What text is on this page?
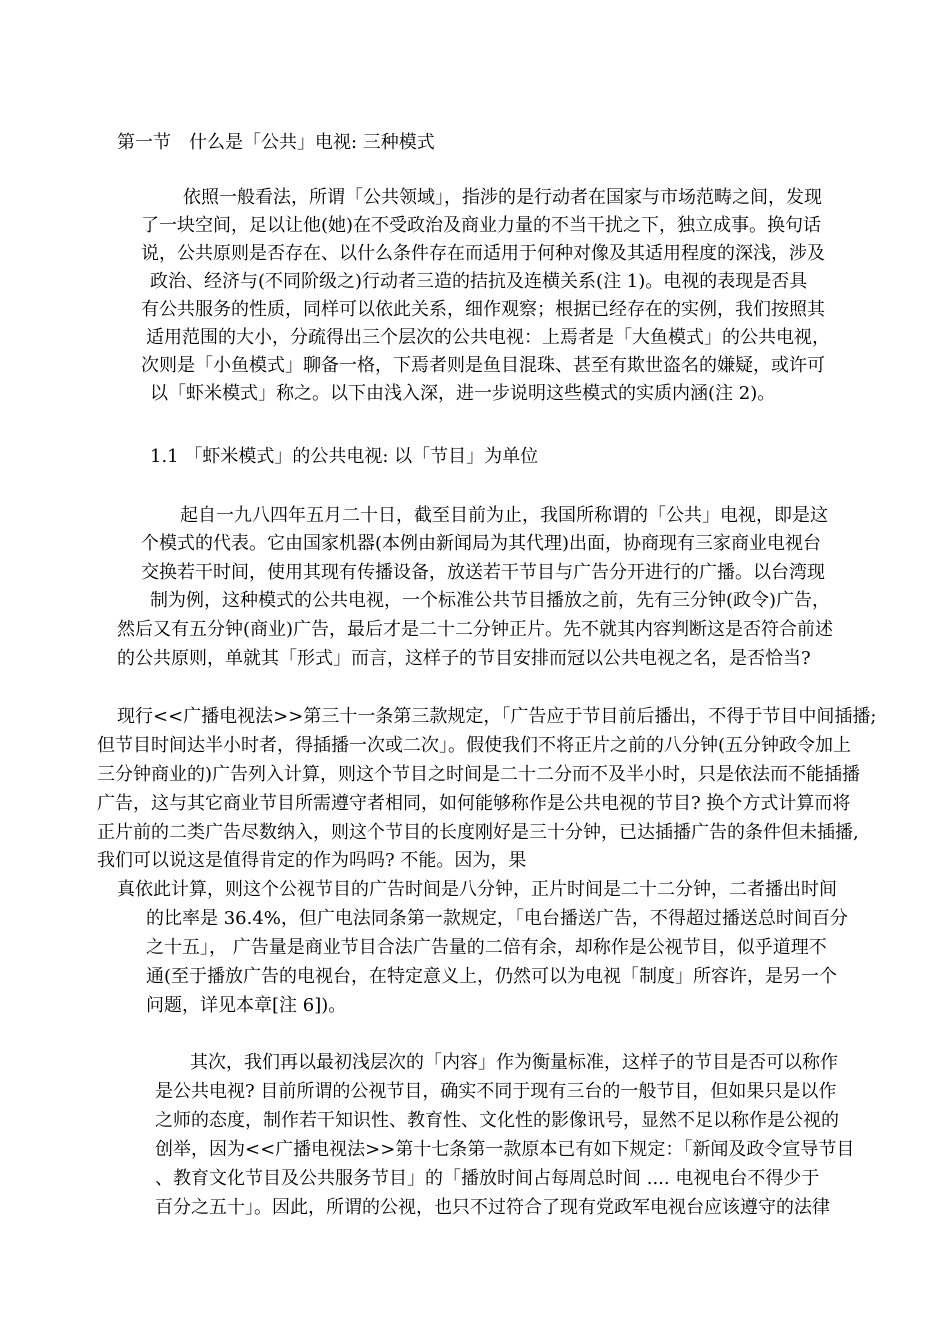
第一节　什么是「公共」电视: 三种模式
依照一般看法，所谓「公共领域」，指涉的是行动者在国家与市场范畴之间，发现
了一块空间，足以让他(她)在不受政治及商业力量的不当干扰之下，独立成事。换句话
说，公共原则是否存在、以什么条件存在而适用于何种对像及其适用程度的深浅，涉及
政治、经济与(不同阶级之)行动者三造的拮抗及连横关系(注 1)。电视的表现是否具
有公共服务的性质，同样可以依此关系，细作观察；根据已经存在的实例，我们按照其
适用范围的大小，分疏得出三个层次的公共电视：上焉者是「大鱼模式」的公共电视，
次则是「小鱼模式」聊备一格，下焉者则是鱼目混珠、甚至有欺世盗名的嫌疑，或许可
以「虾米模式」称之。以下由浅入深，进一步说明这些模式的实质内涵(注 2)。
1.1 「虾米模式」的公共电视: 以「节目」为单位
起自一九八四年五月二十日，截至目前为止，我国所称谓的「公共」电视，即是这
个模式的代表。它由国家机器(本例由新闻局为其代理)出面，协商现有三家商业电视台
交换若干时间，使用其现有传播设备，放送若干节目与广告分开进行的广播。以台湾现
制为例，这种模式的公共电视，一个标准公共节目播放之前，先有三分钟(政令)广告，
然后又有五分钟(商业)广告，最后才是二十二分钟正片。先不就其内容判断这是否符合前述
的公共原则，单就其「形式」而言，这样子的节目安排而冠以公共电视之名，是否恰当?
现行<<广播电视法>>第三十一条第三款规定，「广告应于节目前后播出，不得于节目中间插播;
但节目时间达半小时者，得插播一次或二次」。假使我们不将正片之前的八分钟(五分钟政令加上
三分钟商业的)广告列入计算，则这个节目之时间是二十二分而不及半小时，只是依法而不能插播
广告，这与其它商业节目所需遵守者相同，如何能够称作是公共电视的节目? 换个方式计算而将
正片前的二类广告尽数纳入，则这个节目的长度刚好是三十分钟，已达插播广告的条件但未插播,
我们可以说这是值得肯定的作为吗吗? 不能。因为，果
真依此计算，则这个公视节目的广告时间是八分钟，正片时间是二十二分钟，二者播出时间
的比率是 36.4%，但广电法同条第一款规定，「电台播送广告，不得超过播送总时间百分
之十五」， 广告量是商业节目合法广告量的二倍有余，却称作是公视节目，似乎道理不
通(至于播放广告的电视台，在特定意义上，仍然可以为电视「制度」所容许，是另一个
问题，详见本章[注 6])。
其次，我们再以最初浅层次的「内容」作为衡量标准，这样子的节目是否可以称作
是公共电视? 目前所谓的公视节目，确实不同于现有三台的一般节目，但如果只是以作
之师的态度，制作若干知识性、教育性、文化性的影像讯号，显然不足以称作是公视的
创举，因为<<广播电视法>>第十七条第一款原本已有如下规定：「新闻及政令宣导节目
、教育文化节目及公共服务节目」的「播放时间占每周总时间 .... 电视电台不得少于
百分之五十」。因此，所谓的公视，也只不过符合了现有党政军电视台应该遵守的法律
